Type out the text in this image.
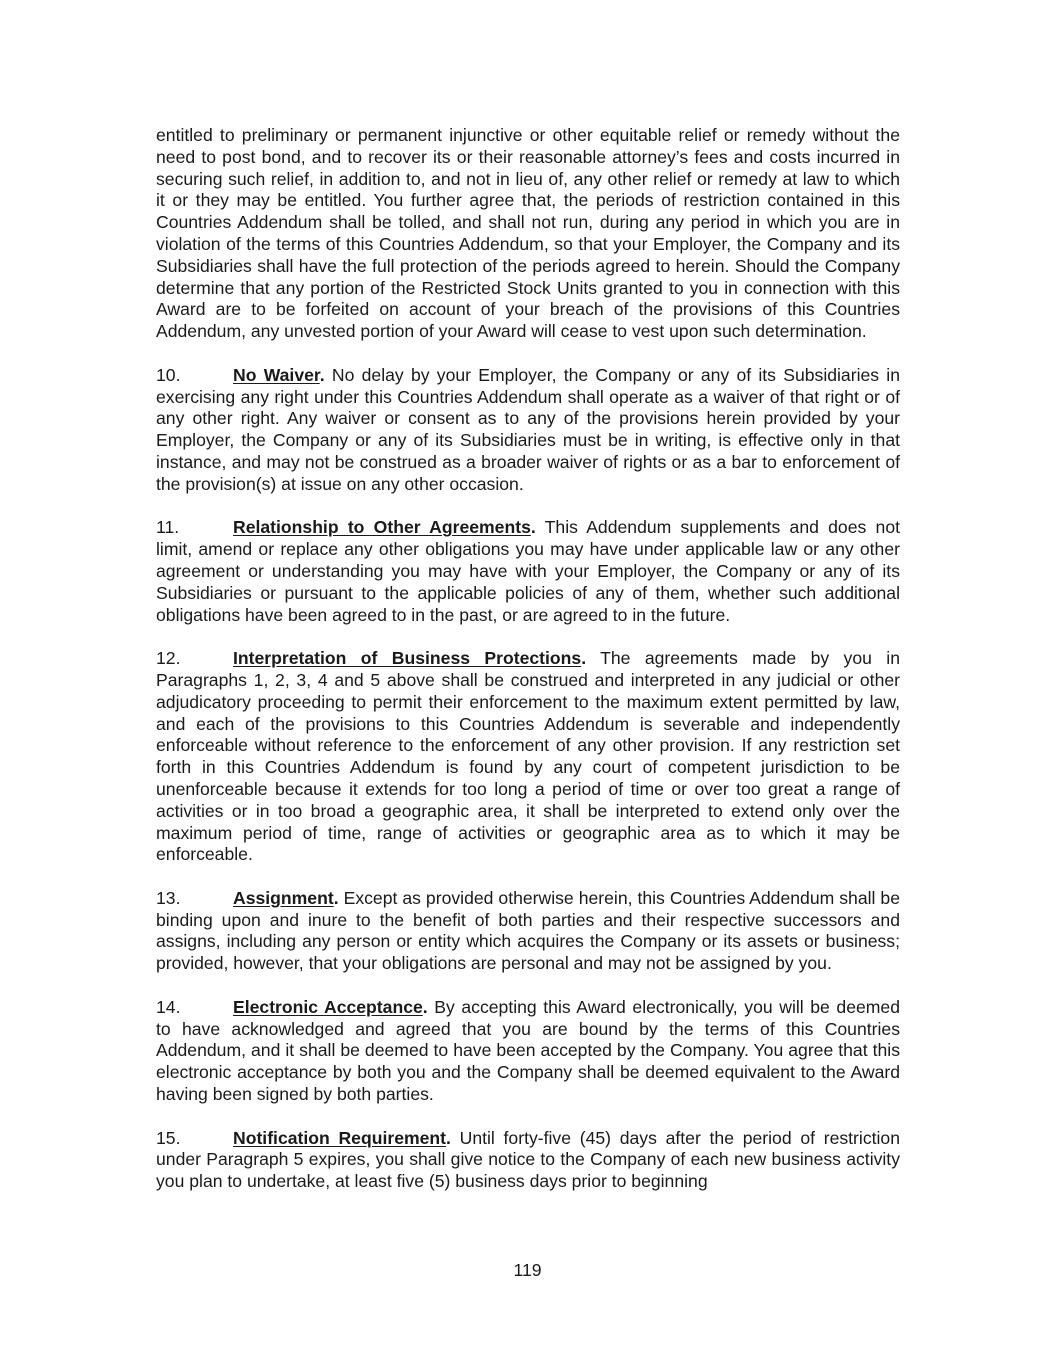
entitled to preliminary or permanent injunctive or other equitable relief or remedy without the need to post bond, and to recover its or their reasonable attorney’s fees and costs incurred in securing such relief, in addition to, and not in lieu of, any other relief or remedy at law to which it or they may be entitled. You further agree that, the periods of restriction contained in this Countries Addendum shall be tolled, and shall not run, during any period in which you are in violation of the terms of this Countries Addendum, so that your Employer, the Company and its Subsidiaries shall have the full protection of the periods agreed to herein. Should the Company determine that any portion of the Restricted Stock Units granted to you in connection with this Award are to be forfeited on account of your breach of the provisions of this Countries Addendum, any unvested portion of your Award will cease to vest upon such determination.

10.	No Waiver. No delay by your Employer, the Company or any of its Subsidiaries in exercising any right under this Countries Addendum shall operate as a waiver of that right or of any other right. Any waiver or consent as to any of the provisions herein provided by your Employer, the Company or any of its Subsidiaries must be in writing, is effective only in that instance, and may not be construed as a broader waiver of rights or as a bar to enforcement of the provision(s) at issue on any other occasion.

11.	Relationship to Other Agreements. This Addendum supplements and does not limit, amend or replace any other obligations you may have under applicable law or any other agreement or understanding you may have with your Employer, the Company or any of its Subsidiaries or pursuant to the applicable policies of any of them, whether such additional obligations have been agreed to in the past, or are agreed to in the future.

12.	Interpretation of Business Protections. The agreements made by you in Paragraphs 1, 2, 3, 4 and 5 above shall be construed and interpreted in any judicial or other adjudicatory proceeding to permit their enforcement to the maximum extent permitted by law, and each of the provisions to this Countries Addendum is severable and independently enforceable without reference to the enforcement of any other provision. If any restriction set forth in this Countries Addendum is found by any court of competent jurisdiction to be unenforceable because it extends for too long a period of time or over too great a range of activities or in too broad a geographic area, it shall be interpreted to extend only over the maximum period of time, range of activities or geographic area as to which it may be enforceable.

13.	Assignment. Except as provided otherwise herein, this Countries Addendum shall be binding upon and inure to the benefit of both parties and their respective successors and assigns, including any person or entity which acquires the Company or its assets or business; provided, however, that your obligations are personal and may not be assigned by you.

14.	Electronic Acceptance. By accepting this Award electronically, you will be deemed to have acknowledged and agreed that you are bound by the terms of this Countries Addendum, and it shall be deemed to have been accepted by the Company. You agree that this electronic acceptance by both you and the Company shall be deemed equivalent to the Award having been signed by both parties.

15.	Notification Requirement. Until forty-five (45) days after the period of restriction under Paragraph 5 expires, you shall give notice to the Company of each new business activity you plan to undertake, at least five (5) business days prior to beginning

119
